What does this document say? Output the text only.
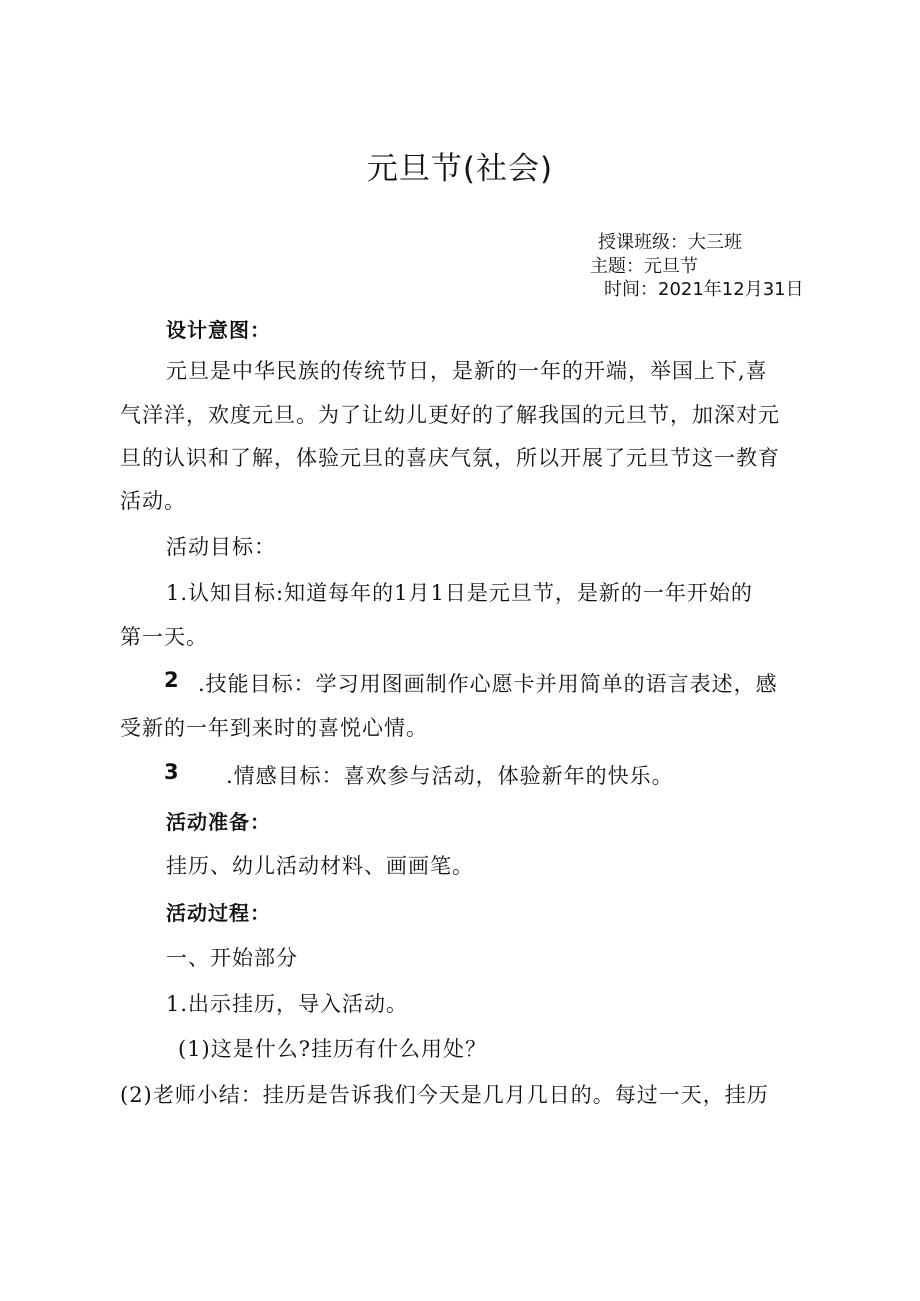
元旦节(社会)
授课班级：大三班
主题：元旦节
时间：2021年12月31日
设计意图：
元旦是中华民族的传统节日，是新的一年的开端，举国上下,喜
气洋洋，欢度元旦。为了让幼儿更好的了解我国的元旦节，加深对元
旦的认识和了解，体验元旦的喜庆气氛，所以开展了元旦节这一教育
活动。
活动目标：
1.认知目标:知道每年的1月1日是元旦节，是新的一年开始的
第一天。
2 .技能目标：学习用图画制作心愿卡并用简单的语言表述，感
受新的一年到来时的喜悦心情。
3 .情感目标：喜欢参与活动，体验新年的快乐。
活动准备：
挂历、幼儿活动材料、画画笔。
活动过程：
一、开始部分
1.出示挂历，导入活动。
(1)这是什么?挂历有什么用处？
(2)老师小结：挂历是告诉我们今天是几月几日的。每过一天，挂历
